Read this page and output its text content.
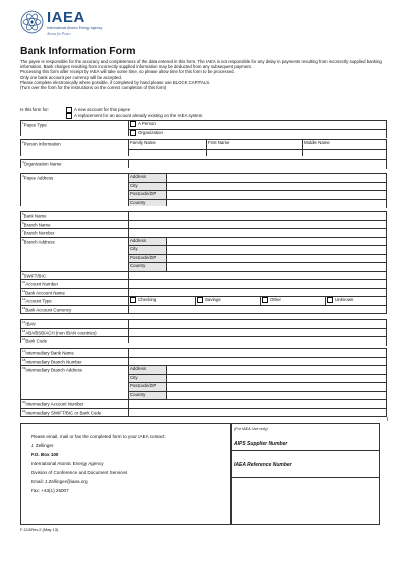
IAEA
International Atomic Energy Agency
Atoms for Peace
Bank Information Form

The payee is responsible for the accuracy and completeness of the data entered in this form. The IAEA is not responsible for any delay in payments resulting from incorrectly supplied banking information. Bank charges resulting from incorrectly supplied information may be deducted from any subsequent payment.

Processing this form after receipt by IAEA will take some time, so please allow time for this form to be processed.

Only one bank account per currency will be accepted.

Please complete electronically where possible, if completed by hand please use BLOCK CAPITALS.

(Turn over the form for the instructions on the correct completion of this form)

Is this form for:	A new account for this payee
A replacement for an account already existing on the IAEA system
$^1$Payee Type	A Person
Organization
$^2$Person Information	Family Name	First Name	Middle Name

$^3$Organization Name	
$^4$Payee Address	Address	
	City	
	Postcode/ZIP	
	Country	
$^5$Bank Name					
$^6$Branch Name					
$^7$Branch Number					
$^8$Branch Address	Address				
	City				
	Postcode/ZIP				
	Country				
$^9$SWIFT/BIC					
$^{10}$Account Number					
$^{11}$Bank Account Name					
$^{12}$Account Type	Checking		Savings	Other	Unknown
$^{13}$Bank Account Currency					
$^{14}$IBAN	
$^{15}$ABA/BSB/ACH (non IBAN countries)	
$^{16}$Bank Code	
$^{17}$Intermediary Bank Name		
$^{18}$Intermediary Branch Number		
$^{19}$Intermediary Branch Address	Address	
	City	
	Postcode/ZIP	
	Country	
$^{20}$Intermediary Account Number		
$^{21}$Intermediary SWIFT/BIC or Bank Code		
I
Please email, mail or fax the completed form to your IAEA contact:
J. Zellinger
P.O. Box 100
International Atomic Energy Agency
Division of Conference and Document Services
Email: J.Zellinger@iaea.org
Fax: +43(1) 26007
(For IAEA Use only)
AIPS Supplier Number
IAEA Reference Number
F-113/Rev.2 (May 13)
